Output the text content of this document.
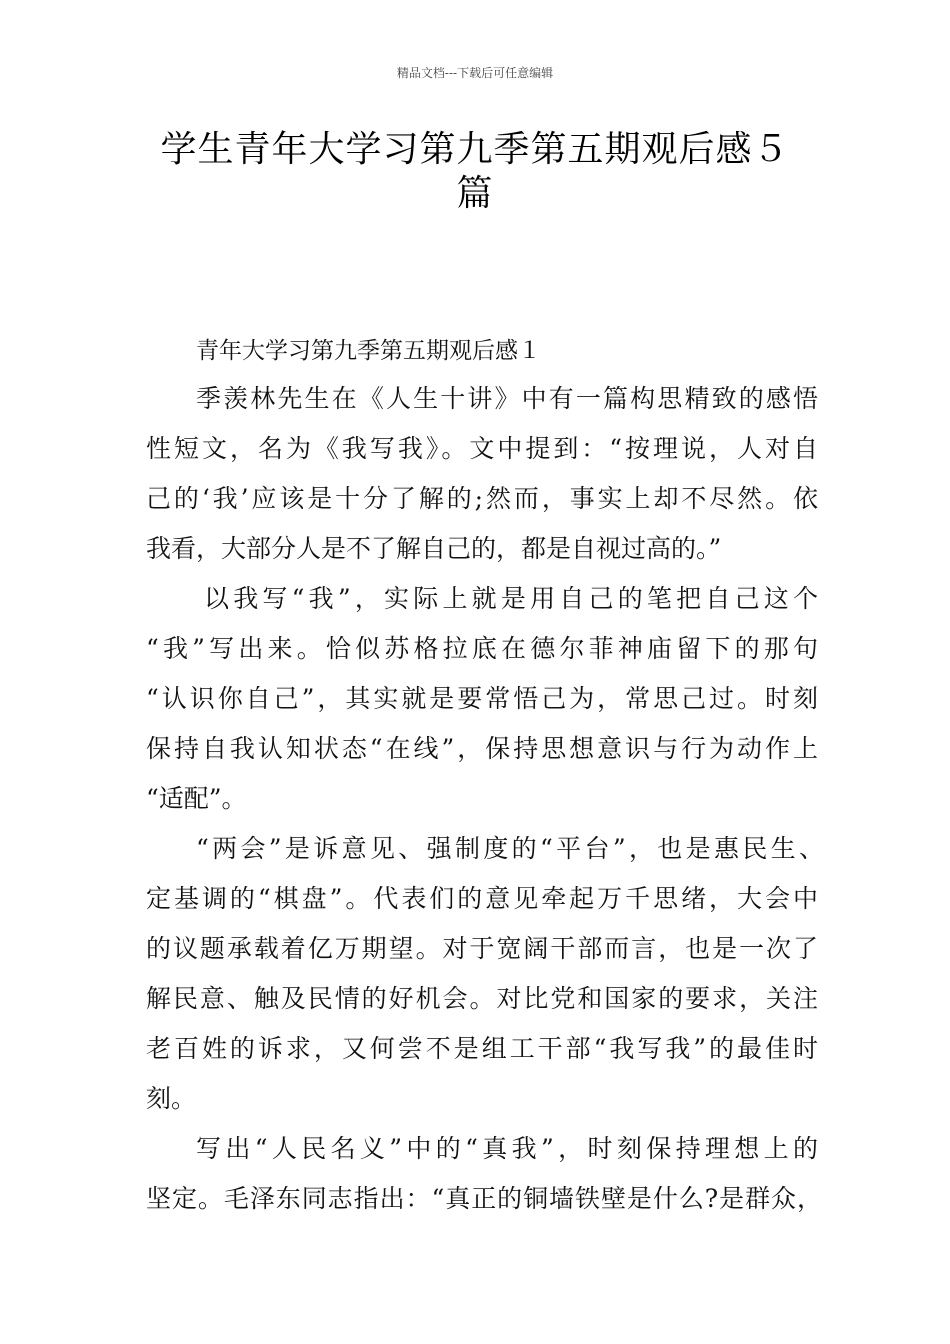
精品文档---下载后可任意编辑
学生青年大学习第九季第五期观后感５
篇
青年大学习第九季第五期观后感１
季羡林先生在《人生十讲》中有一篇构思精致的感悟
性短文，名为《我写我》。文中提到：“按理说，人对自
己的‘我’应该是十分了解的;然而，事实上却不尽然。依
我看，大部分人是不了解自己的，都是自视过高的。”
以我写“我”，实际上就是用自己的笔把自己这个
“我”写出来。恰似苏格拉底在德尔菲神庙留下的那句
“认识你自己”，其实就是要常悟己为，常思己过。时刻
保持自我认知状态“在线”，保持思想意识与行为动作上
“适配”。
“两会”是诉意见、强制度的“平台”，也是惠民生、
定基调的“棋盘”。代表们的意见牵起万千思绪，大会中
的议题承载着亿万期望。对于宽阔干部而言，也是一次了
解民意、触及民情的好机会。对比党和国家的要求，关注
老百姓的诉求，又何尝不是组工干部“我写我”的最佳时
刻。
写出“人民名义”中的“真我”，时刻保持理想上的
坚定。毛泽东同志指出：“真正的铜墙铁壁是什么?是群众，
